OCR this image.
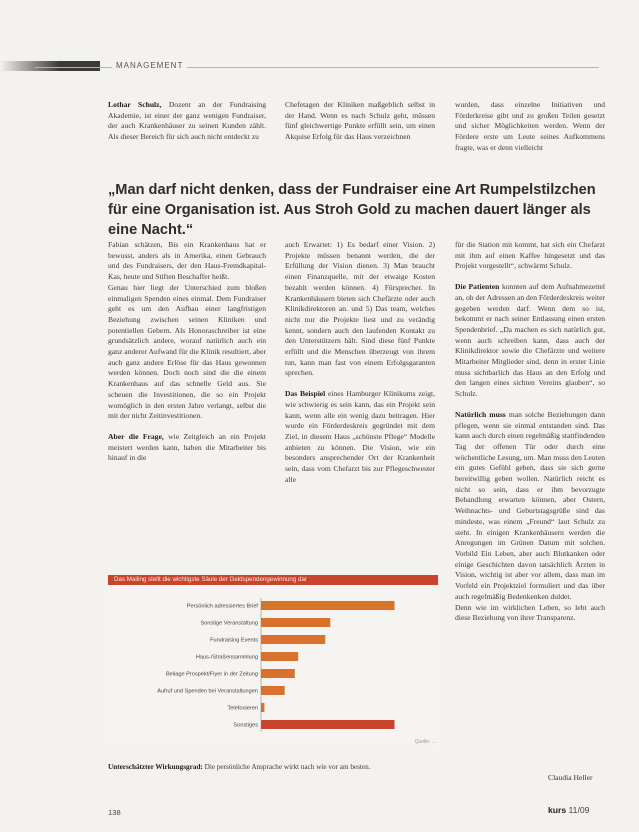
MANAGEMENT

Lothar Schulz, Dozent an der Fundraising Akademie, ist einer der ganz wenigen Fundraiser, der auch Krankenhäuser zu seinen Kunden zählt. Als dieser Bereich für sich auch nicht entdeckt zu

Chefetagen der Kliniken maßgeblich selbst in der Hand. Wenn es nach Schulz geht, müssen fünf gleichwertige Punkte erfüllt sein, um einen Akquise Erfolg für das Haus verzeichnen

wurden, dass einzelne Initiativen und Förderkreise gibt und zu großen Teilen gesetzt und sicher Möglichkeiten werden. Wenn der Fördere erste um Leute seines Aufkommens fragte, was er denn vielleicht

„Man darf nicht denken, dass der Fundraiser eine Art Rumpelstilzchen für eine Organisation ist. Aus Stroh Gold zu machen dauert länger als eine Nacht.“

Fabian schätzen, Bis ein Krankenhaus hat er bewusst, anders als in Amerika, einen Gebrauch und des Fundraisers, der den Haus-Fremdkapital-Kas, heute und Stiften Beschaffer heißt.

Genau hier liegt der Unterschied zum bloßen einmaligen Spenden eines einmal. Dem Fundraiser geht es um den Aufbau einer langfristigen Beziehung zwischen seinen Kliniken und potentiellen Gebern. Als Honoraschreiber ist eine grundsätzlich andere, worauf natürlich auch ein ganz anderer Aufwand für die Klinik resultiert, aber auch ganz andere Erlöse für das Haus gewonnen werden können. Doch noch sind die die einem Krankenhaus auf das schnelle Geld aus. Sie scheuen die Investitionen, die so ein Projekt womöglich in den ersten Jahre verlangt, selbst die mit der nicht Zeitinvestitionen.

Aber die Frage, wie Zeitgleich an ein Projekt meistert werden kann, haben die Mitarbeiter bis hinauf in die

auch Erwartet: 1) Es bedarf einer Vision. 2) Projekte müssen benannt werden, die der Erfüllung der Vision dienen. 3) Man braucht einen Finanzquelle, mit der etwaige Kosten bezahlt werden können. 4) Fürsprecher. In Krankenhäusern bieten sich Chefärzte oder auch Klinikdirektoren an. und 5) Das team, welches nicht nur die Projekte liest und zu verändig kennt, sondern auch den laufenden Kontakt zu den Unterstützern hält. Sind diese fünf Punkte erfüllt und die Menschen überzeugt von ihrem tun, kann man fast von einem Erfolgsgaranten sprechen.

Das Beispiel eines Hamburger Klinikums zeigt, wie schwierig es sein kann, das ein Projekt sein kann, wenn alle ein wenig dazu beitragen. Hier wurde ein Förderdeskreis gegründet mit dem Ziel, in diesem Haus „schönste Pflege“ Modelle anbieten zu können. Die Vision, wie ein besonders ansprechender Ort der Krankenheit sein, dass vom Chefarzt bis zur Pflegeschwester alle

für die Station mit kommt, hat sich ein Chefarzt mit ihm auf einen Kaffee hingesetzt und das Projekt vorgestellt“, schwärmt Schulz.

Die Patienten konnten auf dem Aufnahmezettel an, ob der Adressen an den Förderdeskreis weiter gegeben werden darf. Wenn dem so ist, bekommt er nach seiner Entlassung einen ersten Spendenbrief. „Da machen es sich natürlich gut, wenn auch schreiben kann, dass auch der Klinikdirektor sowie die Chefärzte und weitere Mitarbeiter Mitglieder sind, denn in erster Linie muss sichtbarlich das Haus an den Erfolg und den langen eines sichten Vereins glauben“, so Schulz.

Natürlich muss man solche Beziehungen dann pflegen, wenn sie einmal entstanden sind. Das kann auch durch einen regelmäßig stattfindenden Tag der offenen Tür oder durch eine wöchentliche Lesung, um. Man muss den Leuten ein gutes Gefühl geben, dass sie sich gerne bereitwillig geben wollen. Natürlich reicht es nicht so sein, dass er ihm bevorzugte Behandlung erwarten können, aber Ostern, Weihnachts- und Geburtstagsgrüße sind das mindeste, was einem „Freund“ laut Schulz zu steht. In einigen Krankenhäusern werden die Anregungen im Grünen Datum mit solchen. Vorbild Ein Leben, aber auch Blutkanken oder einige Geschichten davon tatsächlich Ärzten in Vision, wichtig ist aber vor allem, dass man im Vorfeld ein Projektziel formuliert und das über auch regelmäßig Bedenkenken duldet.

Denn wie im wirklichen Leben, so lebt auch diese Beziehung von ihrer Transparenz.

Das Mailing stellt die wichtigste Säule der Geldspendengewinnung dar
Persönlich adressiertes Brief
Sonstige Veranstaltung
Fundraising Events
Haus-/Straßensammlung
Beilage Prospekt/Flyer in der Zeitung
Aufruf und Spenden bei Veranstaltungen
Telefonieren
Sonstiges
Quelle: ...
Unterschätzter Wirkungsgrad: Die persönliche Ansprache wirkt nach wie vor am besten.
Claudia Heller
138	kurs 11/09
